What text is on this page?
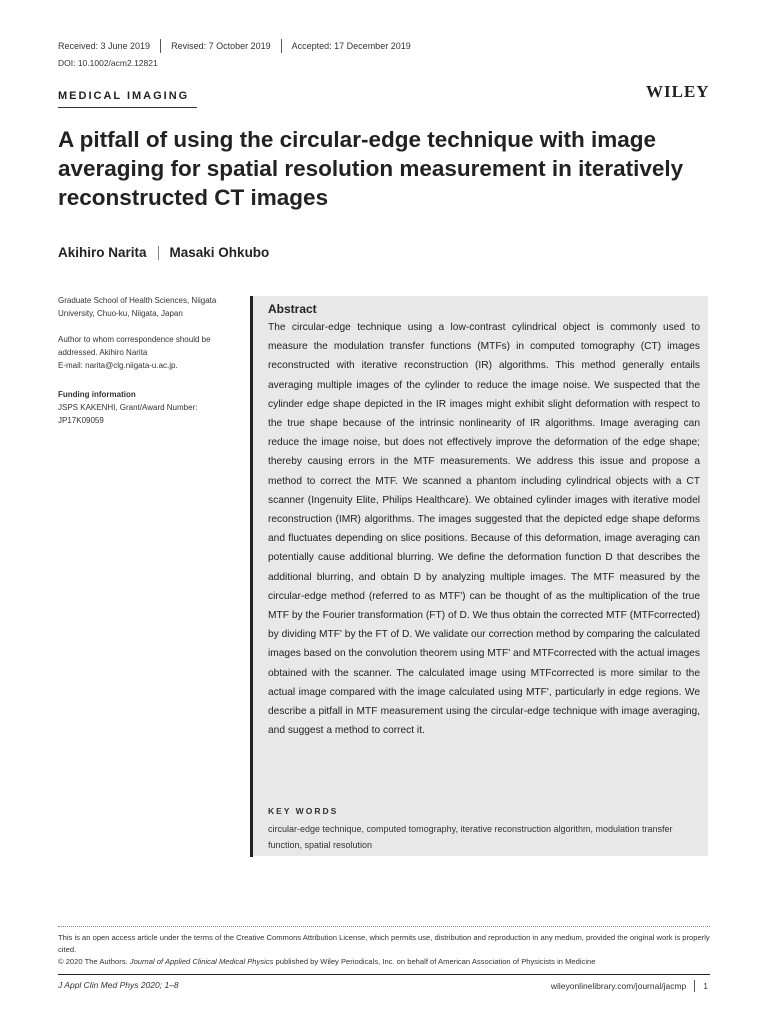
Received: 3 June 2019 Revised: 7 October 2019 Accepted: 17 December 2019
DOI: 10.1002/acm2.12821
MEDICAL IMAGING	WILEY
A pitfall of using the circular-edge technique with image averaging for spatial resolution measurement in iteratively reconstructed CT images
Akihiro Narita Masaki Ohkubo

Graduate School of Health Sciences, Niigata University, Chuo-ku, Niigata, Japan

Author to whom correspondence should be addressed. Akihiro Narita

E-mail: narita@clg.niigata-u.ac.jp.

Funding information

JSPS KAKENHI, Grant/Award Number: JP17K09059

Abstract

The circular-edge technique using a low-contrast cylindrical object is commonly used to measure the modulation transfer functions (MTFs) in computed tomography (CT) images reconstructed with iterative reconstruction (IR) algorithms. This method generally entails averaging multiple images of the cylinder to reduce the image noise. We suspected that the cylinder edge shape depicted in the IR images might exhibit slight deformation with respect to the true shape because of the intrinsic nonlinearity of IR algorithms. Image averaging can reduce the image noise, but does not effectively improve the deformation of the edge shape; thereby causing errors in the MTF measurements. We address this issue and propose a method to correct the MTF. We scanned a phantom including cylindrical objects with a CT scanner (Ingenuity Elite, Philips Healthcare). We obtained cylinder images with iterative model reconstruction (IMR) algorithms. The images suggested that the depicted edge shape deforms and fluctuates depending on slice positions. Because of this deformation, image averaging can potentially cause additional blurring. We define the deformation function D that describes the additional blurring, and obtain D by analyzing multiple images. The MTF measured by the circular-edge method (referred to as MTF') can be thought of as the multiplication of the true MTF by the Fourier transformation (FT) of D. We thus obtain the corrected MTF (MTFcorrected) by dividing MTF' by the FT of D. We validate our correction method by comparing the calculated images based on the convolution theorem using MTF' and MTFcorrected with the actual images obtained with the scanner. The calculated image using MTFcorrected is more similar to the actual image compared with the image calculated using MTF', particularly in edge regions. We describe a pitfall in MTF measurement using the circular-edge technique with image averaging, and suggest a method to correct it.

KEY WORDS

circular-edge technique, computed tomography, iterative reconstruction algorithm, modulation transfer function, spatial resolution

This is an open access article under the terms of the Creative Commons Attribution License, which permits use, distribution and reproduction in any medium, provided the original work is properly cited.
© 2020 The Authors. Journal of Applied Clinical Medical Physics published by Wiley Periodicals, Inc. on behalf of American Association of Physicists in Medicine

J Appl Clin Med Phys 2020; 1–8	wileyonlinelibrary.com/journal/jacmp 1
